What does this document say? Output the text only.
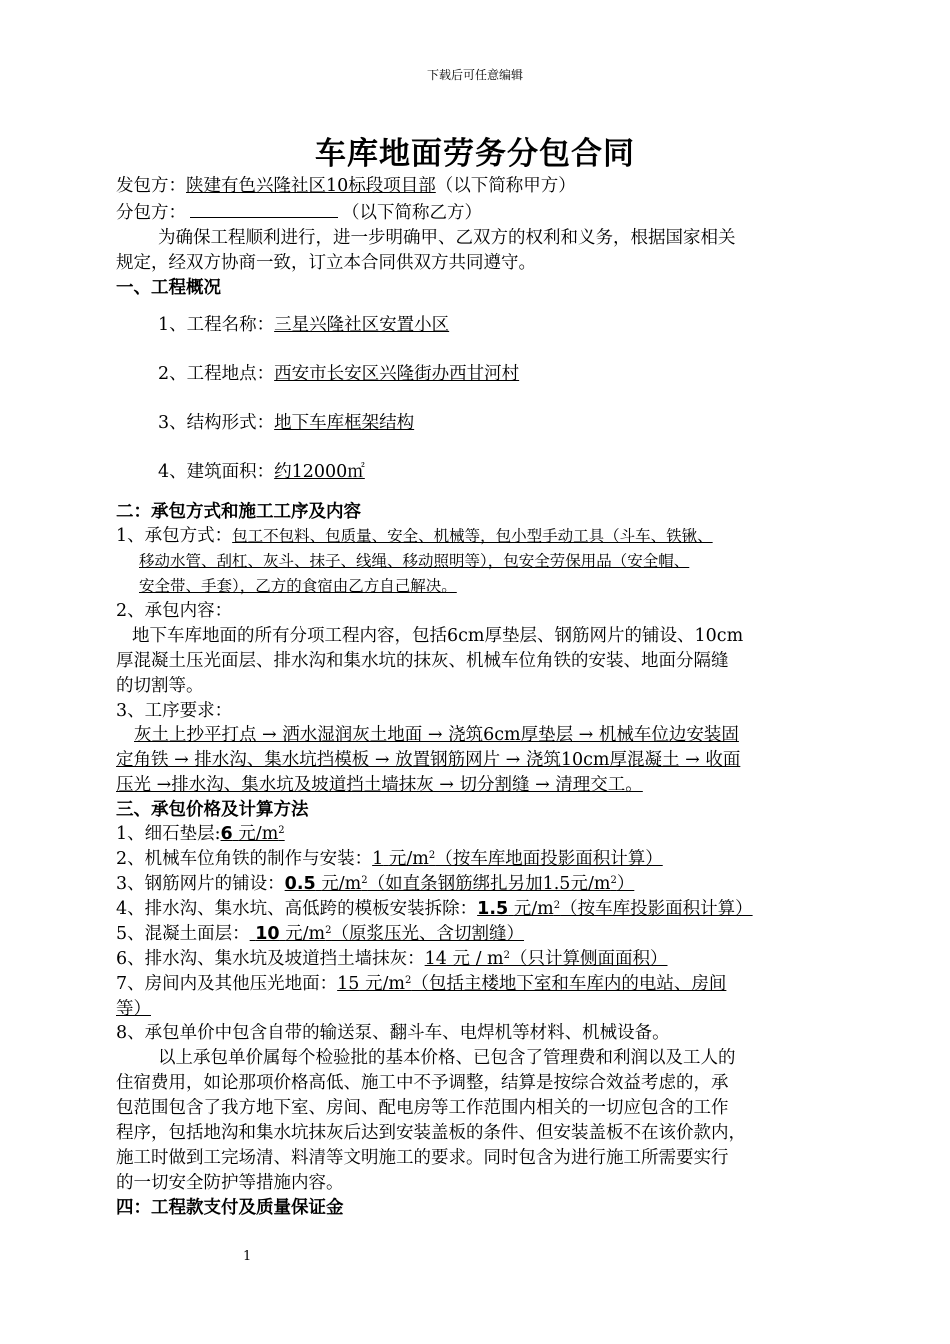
下载后可任意编辑
车库地面劳务分包合同
发包方：陕建有色兴隆社区10标段项目部（以下简称甲方）
分包方：	（以下简称乙方）
为确保工程顺利进行，进一步明确甲、乙双方的权利和义务，根据国家相关
规定，经双方协商一致，订立本合同供双方共同遵守。
一、工程概况
1、工程名称：三星兴隆社区安置小区
2、工程地点：西安市长安区兴隆街办西甘河村
3、结构形式：地下车库框架结构
4、建筑面积：约12000㎡
二：承包方式和施工工序及内容
1、承包方式：包工不包料、包质量、安全、机械等，包小型手动工具（斗车、铁锹、
移动水管、刮杠、灰斗、抹子、线绳、移动照明等），包安全劳保用品（安全帽、
安全带、手套），乙方的食宿由乙方自己解决。
2、承包内容：
地下车库地面的所有分项工程内容，包括6cm厚垫层、钢筋网片的铺设、10cm
厚混凝土压光面层、排水沟和集水坑的抹灰、机械车位角铁的安装、地面分隔缝
的切割等。
3、工序要求：
灰土上抄平打点 → 洒水湿润灰土地面 → 浇筑6cm厚垫层 → 机械车位边安装固
定角铁 → 排水沟、集水坑挡模板 → 放置钢筋网片 → 浇筑10cm厚混凝土 → 收面
压光 →排水沟、集水坑及坡道挡土墙抹灰 → 切分割缝 → 清理交工。
三、承包价格及计算方法
1、细石垫层:6 元$/m^2$
2、机械车位角铁的制作与安装：1 元$/m^2$（按车库地面投影面积计算）
3、钢筋网片的铺设：0.5 元$/m^2$（如直条钢筋绑扎另加1.5元$/m^2$）
4、排水沟、集水坑、高低跨的模板安装拆除：1.5 元$/m^2$（按车库投影面积计算）
5、混凝土面层： 10 元$/m^2$（原浆压光、含切割缝）
6、排水沟、集水坑及坡道挡土墙抹灰：14 元 / $m^2$（只计算侧面面积）
7、房间内及其他压光地面：15 元$/m^2$（包括主楼地下室和车库内的电站、房间
等）
8、承包单价中包含自带的输送泵、翻斗车、电焊机等材料、机械设备。
以上承包单价属每个检验批的基本价格、已包含了管理费和利润以及工人的
住宿费用，如论那项价格高低、施工中不予调整，结算是按综合效益考虑的，承
包范围包含了我方地下室、房间、配电房等工作范围内相关的一切应包含的工作
程序，包括地沟和集水坑抹灰后达到安装盖板的条件、但安装盖板不在该价款内，
施工时做到工完场清、料清等文明施工的要求。同时包含为进行施工所需要实行
的一切安全防护等措施内容。
四：工程款支付及质量保证金
1
